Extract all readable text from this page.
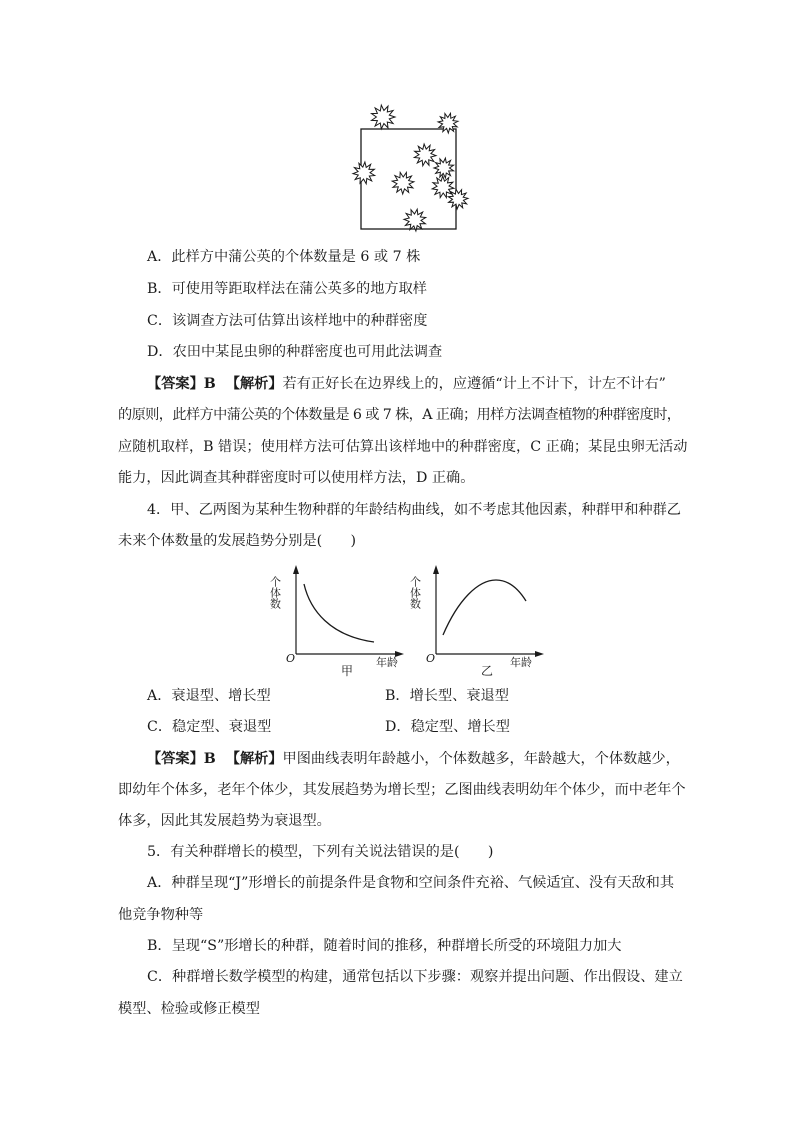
A．此样方中蒲公英的个体数量是 6 或 7 株
B．可使用等距取样法在蒲公英多的地方取样
C．该调查方法可估算出该样地中的种群密度
D．农田中某昆虫卵的种群密度也可用此法调查
【答案】B 【解析】若有正好长在边界线上的，应遵循“计上不计下，计左不计右”
的原则，此样方中蒲公英的个体数量是 6 或 7 株，A 正确；用样方法调查植物的种群密度时，
应随机取样，B 错误；使用样方法可估算出该样地中的种群密度，C 正确；某昆虫卵无活动
能力，因此调查其种群密度时可以使用样方法，D 正确。
4．甲、乙两图为某种生物种群的年龄结构曲线，如不考虑其他因素，种群甲和种群乙
未来个体数量的发展趋势分别是(　　)
个体数
O
甲
年龄
个体数
O
乙
年龄
A．衰退型、增长型	B．增长型、衰退型
C．稳定型、衰退型	D．稳定型、增长型
【答案】B 【解析】甲图曲线表明年龄越小，个体数越多，年龄越大，个体数越少，
即幼年个体多，老年个体少，其发展趋势为增长型；乙图曲线表明幼年个体少，而中老年个
体多，因此其发展趋势为衰退型。
5．有关种群增长的模型，下列有关说法错误的是(　　)
A．种群呈现“J”形增长的前提条件是食物和空间条件充裕、气候适宜、没有天敌和其
他竞争物种等
B．呈现“S”形增长的种群，随着时间的推移，种群增长所受的环境阻力加大
C．种群增长数学模型的构建，通常包括以下步骤：观察并提出问题、作出假设、建立
模型、检验或修正模型
